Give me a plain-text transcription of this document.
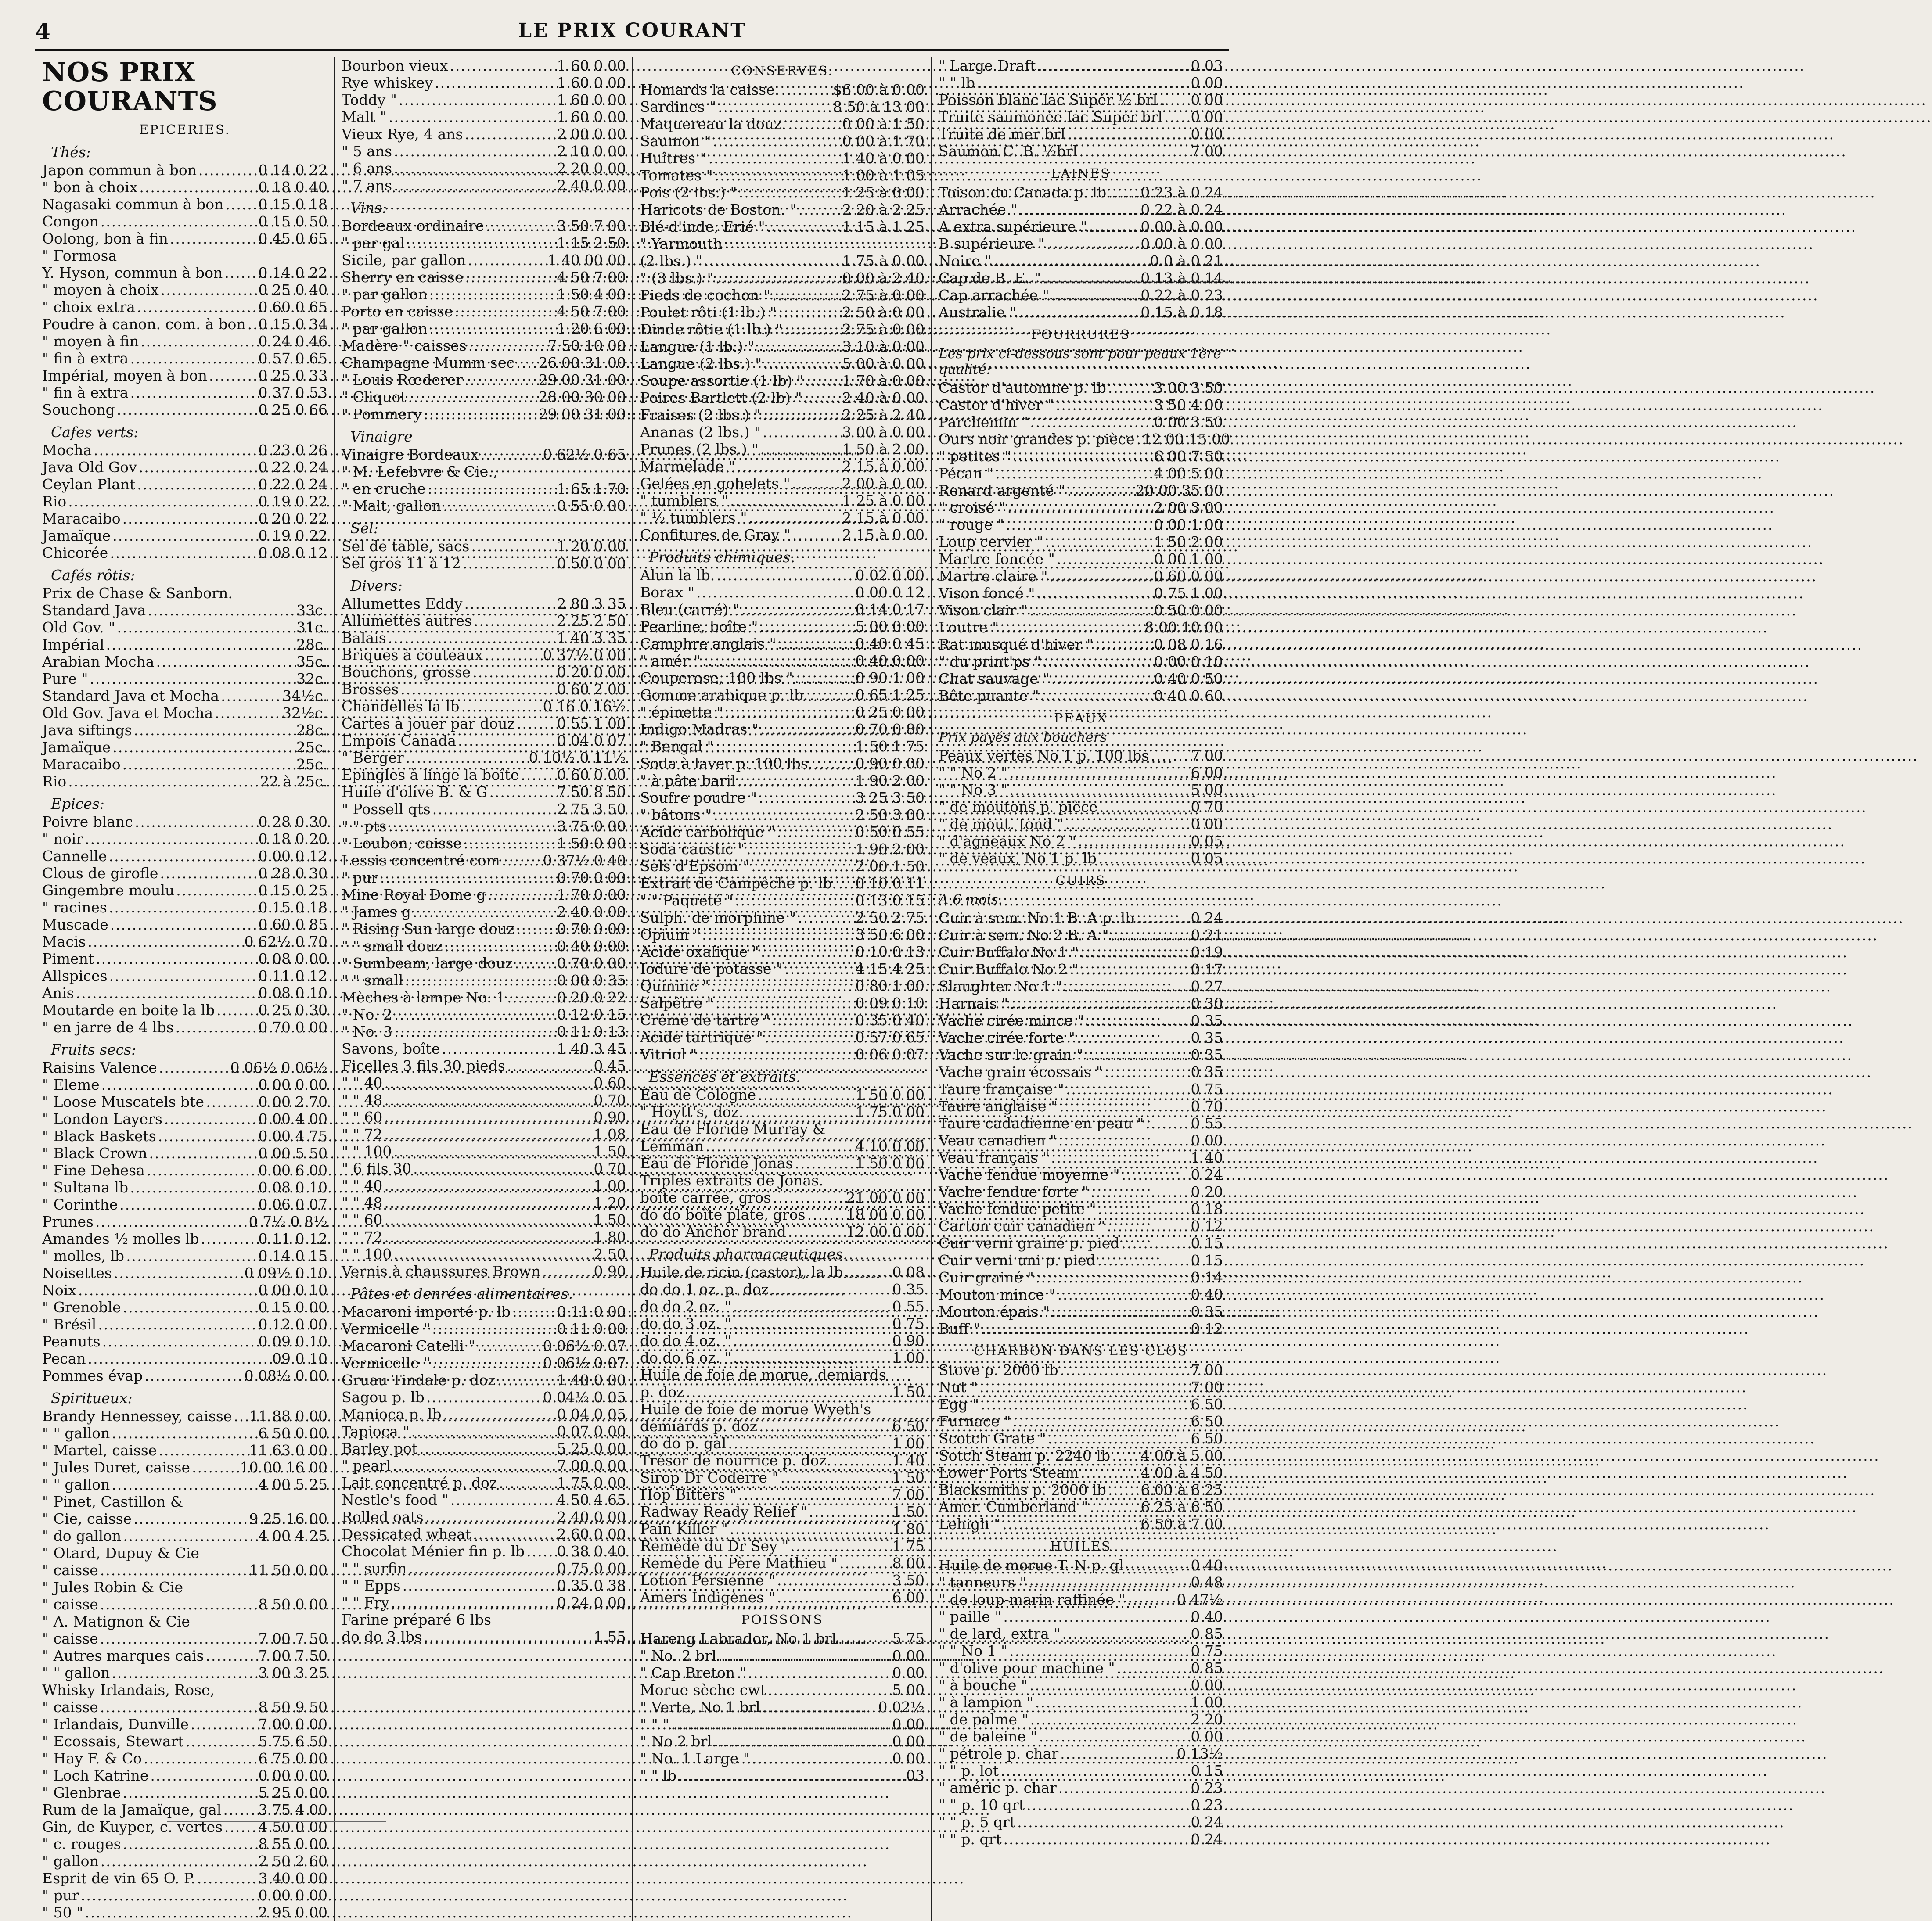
4	LE PRIX COURANT
NOS PRIX COURANTS
EPICERIES.
Thés:
Japon commun à bon .....	0 14 0 22
" bon à choix .....	0 18 0 40
Nagasaki commun à bon ..... 0 15 0 18
Congon .....	0 15 0 50
Oolong, bon à fin .....	0 45 0 65
" Formosa
Y. Hyson, commun à bon ..... 0 14 0 22
" moyen à choix .....	0 25 0 40
" choix extra .....	0 60 0 65
Poudre à canon. com. à bon ..... 0 15 0 34
" moyen à fin .....	0 24 0 46
" fin à extra .....	0 57 0 65
Impérial, moyen à bon .....	0 25 0 33
" fin à extra .....	0 37 0 53
Souchong .....	0 25 0 66
Cafes verts:
Mocha .....	0 23 0 26
Java Old Gov .....	0 22 0 24
Ceylan Plant .....	0 22 0 24
Rio .....	0 19 0 22
Maracaibo .....	0 20 0 22
Jamaïque .....	0 19 0 22
Chicorée .....	0 08 0 12
Cafés rôtis:
Prix de Chase & Sanborn.
Standard Java .....	33c.
Old Gov. " .....	31c.
Impérial .....	28c.
Arabian Mocha .....	35c.
Pure " .....	32c.
Standard Java et Mocha .....	34½c.
Old Gov. Java et Mocha .....	32½c.
Java siftings .....	28c.
Jamaïque .....	25c.
Maracaibo .....	25c.
Rio .....	22 à 25c.
Epices:
Poivre blanc .....	0 28 0 30
" noir .....	0 18 0 20
Cannelle .....	0 00 0 12
Clous de girofle .....	0 28 0 30
Gingembre moulu .....	0 15 0 25
" racines .....	0 15 0 18
Muscade .....	0 60 0 85
Macis .....	0 62½ 0 70
Piment .....	0 08 0 00
Allspices .....	0 11 0 12
Anis .....	0 08 0 10
Moutarde en boite la lb .....	0 25 0 30
" en jarre de 4 lbs .....	0 70 0 00
Fruits secs:
Raisins Valence .....	0 06½ 0 06½
" Eleme .....	0 00 0 00
" Loose Muscatels bte .....	0 00 2 70
" London Layers .....	0 00 4 00
" Black Baskets .....	0 00 4 75
" Black Crown .....	0 00 5 50
" Fine Dehesa .....	0 00 6 00
" Sultana lb .....	0 08 0 10
" Corinthe .....	0 06 0 07
Prunes .....	0 7½ 0 8½
Amandes ½ molles lb .....	0 11 0 12
" molles, lb .....	0 14 0 15
Noisettes .....	0 09½ 0 10
Noix .....	0 00 0 10
" Grenoble .....	0 15 0 00
" Brésil .....	0 12 0 00
Peanuts .....	0 09 0 10
Pecan .....	09 0 10
Pommes évap .....	0 08½ 0 00
Spiritueux:
Brandy Hennessey, caisse ..... 11 88 0 00
" " gallon .....	6 50 0 00
" Martel, caisse .....	11 63 0 00
" Jules Duret, caisse .....	10 00 16 00
" " gallon .....	4 00 5 25
" Pinet, Castillon &
" Cie, caisse .....	9 25 16 00
" do gallon .....	4 00 4 25
" Otard, Dupuy & Cie
" caisse .....	11 50 0 00
" Jules Robin & Cie
" caisse .....	8 50 0 00
" A. Matignon & Cie
" caisse .....	7 00 7 50
" Autres marques cais .....	7 00 7 50
" " gallon .....	3 00 3 25
Whisky Irlandais, Rose,
" caisse .....	8 50 9 50
" Irlandais, Dunville .....	7 00 0 00
" Ecossais, Stewart .....	5 75 6 50
" Hay F. & Co .....	6 75 0 00
" Loch Katrine .....	0 00 0 00
" Glenbrae .....	5 25 0 00
Rum de la Jamaïque, gal .....	3 75 4 00
Gin, de Kuyper, c. vertes ..... 4 50 0 00
" c. rouges .....	8 55 0 00
" gallon .....	2 50 2 60
Esprit de vin 65 O. P. .....	3 40 0 00
" pur .....	0 00 0 00
" 50 " .....	2 95 0 00
Bourbon vieux .....	1 60 0 00
Rye whiskey .....	1 60 0 00
Toddy " .....	1 60 0 00
Malt " .....	1 60 0 00
Vieux Rye, 4 ans .....	2 00 0 00
" 5 ans .....	2 10 0 00
" 6 ans .....	2 20 0 00
" 7 ans .....	2 40 0 00
Vins:
Bordeaux ordinaire .....	3 50 7 00
" par gal .....	1 15 2 50
Sicile, par gallon .....	1 40 00 00
Sherry en caisse .....	4 50 7 00
" par gallon .....	1 50 4 00
Porto en caisse .....	4 50 7 00
" par gallon .....	1 20 6 00
Madère " caisses .....	7 50 10 00
Champagne Mumm sec ..... 26 00 31 00
" Louis Rœderer .....	29 00 31 00
" Cliquot .....	28 00 30 00
" Pommery .....	29 00 31 00
Vinaigre
Vinaigre Bordeaux .....	0 62½ 0 65
" M. Lefebvre & Cie.,
" en cruche .....	1 65 1 70
" Malt, gallon .....	0 55 0 00
Sel:
Sel de table, sacs .....	1 20 0 00
Sel gros 11 à 12 .....	0 50 0 00
Divers:
Allumettes Eddy .....	2 80 3 35
Allumettes autres .....	2 25 2 50
Balais .....	1 40 3 35
Briques à couteaux .....	0 37½ 0 00
Bouchons, grosse .....	0 20 0 00
Brosses .....	0 60 2 00
Chandelles la lb .....	0 16 0 16½
Cartes à jouer par douz .....	0 55 1 00
Empois Canada .....	0 04 0 07
" Berger .....	0 10½ 0 11½
Epingles à linge la boîte .....	0 60 0 00
Huile d'olive B. & G .....	7 50 8 50
" Possell qts .....	2 75 3 50
" " pts .....	3 75 0 00
" Loubon, caisse .....	1 50 0 00
Lessis concentré com .....	0 37½ 0 40
" pur .....	0 70 0 00
Mine Royal Dome g .....	1 70 0 00
" James g .....	2 40 0 00
" Rising Sun large douz .....	0 70 0 00
" " small douz .....	0 40 0 00
" Sumbeam, large douz .....	0 70 0 00
" " small .....	0 00 0 35
Mèches à lampe No. 1 .....	0 20 0 22
" No. 2 .....	0 12 0 15
" No. 3 .....	0 11 0 13
Savons, boîte .....	1 40 3 45
Ficelles 3 fils 30 pieds .....	0 45
" " 40 .....	0 60
" " 48 .....	0 70
" " 60 .....	0 90
" " 72 .....	1 08
" " 100 .....	1 50
" 6 fils 30 .....	0 70
" " 40 .....	1 00
" " 48 .....	1 20
" " 60 .....	1 50
" " 72 .....	1 80
" " 100 .....	2 50
Vernis à chaussures Brown .....	0 90
Pâtes et denrées alimentaires.
Macaroni importé p. lb .....	0 11 0 00
Vermicelle " .....	0 11 0 00
Macaroni Catelli " .....	0 06½ 0 07
Vermicelle " .....	0 06½ 0 07
Gruau Tindale p. doz .....	1 40 0 00
Sagou p. lb .....	0 04½ 0 05
Manioca p. lb .....	0 04 0 05
Tapioca " .....	0 07 0 00
Barley pot .....	5 25 0 00
" pearl .....	7 00 0 00
Lait concentré p. doz .....	1 75 0 00
Nestle's food " .....	4 50 4 65
Rolled oats .....	2 40 0 00
Dessicated wheat .....	2 60 0 00
Chocolat Ménier fin p. lb ..... 0 38 0 40
" " surfin .....	0 75 0 00
" " Epps .....	0 35 0 38
" " Fry .....	0 24 0 00
Farine préparé 6 lbs
do do 3 lbs .....	1.55
CONSERVES.
Homards la caisse. .....	$6 00 à 0 00
Sardines " .....	8 50 à 13 00
Maquereau la douz. .....	0 00 à 1 50
Saumon " .....	0 00 à 1 70
Huîtres " .....	1 40 à 0 00
Tomates " .....	1 00 à 1 05
Pois (2 lbs.) " .....	1 25 à 0 00
Haricots de Boston. " .....	2 20 à 2 25
Blé-d'inde, Erié " .....	1 15 à 1 25
" Yarmouth
(2 lbs.) " .....	1 75 à 0 00
" (3 lbs.) " .....	0 00 à 2 40
Pieds de cochon " .....	2 75 à 0 00
Poulet rôti (1 lb.) " .....	2 50 à 0 00
Dinde rôtie (1 lb.) " .....	2 75 à 0 00
Langue (1 lb.) " .....	3 10 à 0 00
Langue (2 lbs.) " .....	5 00 à 0 00
Soupe assortie (1 lb) " .....	1 70 à 0 00
Poires Bartlett (2 lb) " .....	2 40 à 0 00
Fraises (2 lbs.) " .....	2 25 à 2 40
Ananas (2 lbs.) " .....	3 00 à 0 00
Prunes (2 lbs.) " .....	1 50 à 2 00
Marmelade " .....	2 15 à 0 00
Gelées en gobelets " .....	2 00 à 0 00
" tumblers " .....	1 25 à 0 00
" ½ tumblers " .....	2 15 à 0 00
Confitures de Gray " .....	2 15 à 0 00
Produits chimiques.
Alun la lb. .....	0 02 0 00
Borax " .....	0 00 0 12
Bleu (carré) " .....	0 14 0 17
Pearline, boîte " .....	5 00 0 00
Camphre anglais " .....	0 40 0 45
" amér " .....	0 40 0 00
Couperose, 100 lbs " .....	0 90 1 00
Gomme arabique p. lb. .....	0 65 1 25
" épinette " .....	0 25 0 00
Indigo Madras " .....	0 70 0 80
" Bengal " .....	1 50 1 75
Soda à laver p. 100 lbs. .....	0 90 0 00
" à pâte baril .....	1 90 2 00
Soufre poudre " .....	3 25 3 50
" bâtons " .....	2 50 3 00
Acide carbolique " .....	0 50 0 55
Soda caustic " .....	1 90 2 00
Sels d'Epsom " .....	2 00 1 50
Extrait de Campêche p. lb. ..... 0 10 0 11
" " Paqueté " .....	0 13 0 15
Sulph. de morphine " .....	2 50 2 75
Opium " .....	3 50 6 00
Acide oxalique " .....	0 10 0 13
Iodure de potasse " .....	4 15 4 25
Quinine " .....	0 80 1 00
Salpêtre " .....	0 09 0 10
Crême de tartre " .....	0 35 0 40
Acide tartrique " .....	0 57 0 65
Vitriol " .....	0 06 0 07
Essences et extraits.
Eau de Cologne .....	1 50 0 00
" Hoytt's, doz. .....	1 75 0 00
Eau de Floride Murray &
Lemman .....	4 10 0 00
Eau de Floride Jonas .....	1 50 0 00
Triples extraits de Jonas.
boîte carrée, gros .....	21 00 0 00
do do boîte plate, gros .....	18 00 0 00
do do Anchor brand .....	12 00 0 00
Produits pharmaceutiques.
Huile de ricin (castor), la lb .....	0 08
do do 1 oz. p. doz .....	0 35
do do 2 oz. " .....	0 55
do do 3 oz. " .....	0 75
do do 4 oz. " .....	0 90
do do 6 oz. " .....	1 00
Huile de foie de morue, demiards
p. doz .....	1 50
Huile de foie de morue Wyeth's
demiards p. doz .....	6 50
do do p. gal .....	1 00
Trésor de nourrice p. doz. .....	1 40
Sirop Dr Coderre " .....	1 50
Hop Bitters " .....	7 00
Radway Ready Relief " .....	1 50
Pain Killer " .....	1 80
Remède du Dr Sey " .....	1 75
Remède du Père Mathieu " .....	8 00
Lotion Persienne " .....	3 50
Amers Indigènes " .....	6 00
POISSONS
Hareng Labrador, No 1 brl .....	5 75
" No. 2 brl .....	0 00
" Cap Breton " .....	0 00
Morue sèche cwt .....	5 00
" Verte, No 1 brl .....	0 02½
" " " .....	0 00
" No 2 brl .....	0 00
" No. 1 Large " .....	0 00
" " lb .....	03
" Large Draft .....	0 03
" " lb .....	0 00
Poisson blanc lac Supér ½ brl ..... 0 00
Truite saumonée lac Supér brl ..... 0 00
Truite de mer brl .....	0 00
Saumon C. B. ½brl .....	7 00
LAINES
Toison du Canada p. lb ..... 0 23 à 0 24
Arrachée " .....	0 22 à 0 24
A extra supérieure " .....	0 00 à 0 00
B supérieure " .....	0 00 à 0 00
Noire " .....	0 0 à 0 21
Cap de B. E. " .....	0 13 à 0 14
Cap arrachée " .....	0 22 à 0 23
Australie " .....	0 15 à 0 18
FOURRURES
Les prix ci-dessous sont pour peaux 1ère qualité:
Castor d'automne p. lb .....	3 00 3 50
Castor d'hiver " .....	3 50 4 00
Parchemin " .....	0 00 3 50
Ours noir grandes p. pièce ..... 12 00 15 00
" petites " .....	6 00 7 50
Pécan " .....	4 00 5 00
Renard argenté " .....	20 00 35 00
" croisé " .....	2 00 3 00
" rouge " .....	0 00 1 00
Loup cervier " .....	1 50 2 00
Martre foncée " .....	0 00 1 00
Martre claire " .....	0 60 0 00
Vison foncé " .....	0 75 1 00
Vison clair " .....	0 50 0 00
Loutre " .....	8 00 10 00
Rat musqué d'hiver " .....	0 08 0 16
" du print'ps " .....	0 00 0 10
Chat sauvage " .....	0 40 0 50
Bête puante " .....	0 40 0 60
PEAUX
Prix payés aux bouchers
Peaux vertes No 1 p. 100 lbs .....	7 00
" " No 2 " .....	6 00
" " No 3 " .....	5 00
" de moutons p. pièce .....	0 70
" de mout. tond " .....	0 00
" d'agneaux No 2 " .....	0 05
" de veaux, No 1 p. lb .....	0 05
CUIRS
A 6 mois.
Cuir à sem. No 1 B. A p. lb .....	0 24
Cuir à sem. No 2 B. A " .....	0 21
Cuir Buffalo No 1 " .....	0 19
Cuir Buffalo No 2 " .....	0 17
Slaughter No 1 " .....	0 27
Harnais " .....	0 30
Vache cirée mince " .....	0 35
Vache cirée forte " .....	0 35
Vache sur le grain " .....	0 35
Vache grain écossais " .....	0 35
Taure française " .....	0 75
Taure anglaise " .....	0 70
Taure cadadienne en peau " .....	0 55
Veau canadien " .....	0 00
Veau français " .....	1 40
Vache fendue moyenne " .....	0 24
Vache fendue forte " .....	0 20
Vache fendue petite " .....	0 18
Carton cuir canadien " .....	0 12
Cuir verni grainé p. pied .....	0 15
Cuir verni uni p. pied .....	0 15
Cuir grainé " .....	0 14
Mouton mince " .....	0 40
Mouton épais " .....	0 35
Buff " .....	0 12
CHARBON DANS LES CLOS
Stove p. 2000 lb .....	7 00
Nut " .....	7 00
Egg " .....	6 50
Furnace " .....	6 50
Scotch Grate " .....	6 50
Sotch Steam p. 2240 lb ..... 4 00 à 5 00
Lower Ports Steam .....	4 00 à 4 50
Blacksmiths p. 2000 lb ..... 6.00 à 6 25
Amer. Cumberland " .....	6 25 à 6 50
Lehigh " .....	6 50 à 7 00
HUILES
Huile de morue T. N p. gl .....	0 40
" tanneurs " .....	0 48
" de loup-marin raffinée " .....	0 47½
" paille " .....	0 40
" de lard, extra " .....	0 85
" " No 1 " .....	0 75
" d'olive pour machine " .....	0 85
" à bouche " .....	0 00
" à lampion " .....	1 00
" de palme " .....	2 20
" de baleine " .....	0 00
" pétrole p. char .....	0 13½
" " p. lot .....	0 15
" améric p. char .....	0 23
" " p. 10 qrt .....	0 23
" " p. 5 qrt .....	0 24
" " p. qrt .....	0 24
